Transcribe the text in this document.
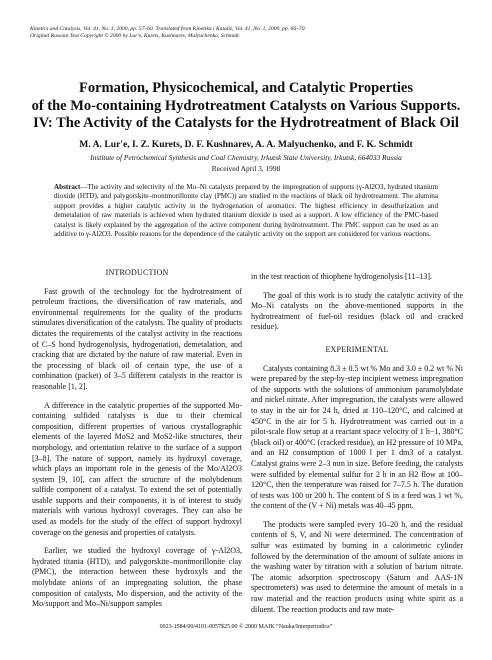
Kinetics and Catalysis, Vol. 41, No. 1, 2000, pp. 57–60. Translated from Kinetika i Kataliz, Vol. 41, No. 1, 2000, pp. 66–70.
Original Russian Text Copyright © 2000 by Lur'e, Kurets, Kushnarev, Malyuchenko, Schmidt.
Formation, Physicochemical, and Catalytic Properties
of the Mo-containing Hydrotreatment Catalysts on Various Supports.
IV: The Activity of the Catalysts for the Hydrotreatment of Black Oil
M. A. Lur'e, I. Z. Kurets, D. F. Kushnarev, A. A. Malyuchenko, and F. K. Schmidt
Institute of Petrochemical Synthesis and Coal Chemistry, Irkutsk State University, Irkutsk, 664033 Russia
Received April 3, 1998
Abstract—The activity and selectivity of the Mo–Ni catalysts prepared by the impregnation of supports (γ-Al2O3, hydrated titanium dioxide (HTD), and palygorskite–montmorillonite clay (PMC)) are studied in the reactions of black oil hydrotreatment. The alumina support provides a higher catalytic activity in the hydrogenation of aromatics. The highest efficiency in desulfurization and demetalation of raw materials is achieved when hydrated titanium dioxide is used as a support. A low efficiency of the PMC-based catalyst is likely explained by the aggregation of the active component during hydrotreatment. The PMC support can be used as an additive to γ-Al2O3. Possible reasons for the dependence of the catalytic activity on the support are considered for various reactions.
INTRODUCTION

Fast growth of the technology for the hydrotreatment of petroleum fractions, the diversification of raw materials, and environmental requirements for the quality of the products stimulates diversification of the catalysts. The quality of products dictates the requirements of the catalyst activity in the reactions of C–S bond hydrogenolysis, hydrogenation, demetalation, and cracking that are dictated by the nature of raw material. Even in the processing of black oil of certain type, the use of a combination (packet) of 3–5 different catalysts in the reactor is reasonable [1, 2].

A difference in the catalytic properties of the supported Mo-containing sulfided catalysts is due to their chemical composition, different properties of various crystallographic elements of the layered MoS2 and MoS2-like structures, their morphology, and orientation relative to the surface of a support [3–8]. The nature of support, namely its hydroxyl coverage, which plays an important role in the genesis of the Mo/Al2O3 system [9, 10], can affect the structure of the molybdenum sulfide component of a catalyst. To extend the set of potentially usable supports and their components, it is of interest to study materials with various hydroxyl coverages. They can also be used as models for the study of the effect of support hydroxyl coverage on the genesis and properties of catalysts.

Earlier, we studied the hydroxyl coverage of γ-Al2O3, hydrated titania (HTD), and palygorskite–montmorillonite clay (PMC), the interaction between these hydroxyls and the molybdate anions of an impregnating solution, the phase composition of catalysts, Mo dispersion, and the activity of the Mo/support and Mo–Ni/support samples

in the test reaction of thiophene hydrogenolysis [11–13].

The goal of this work is to study the catalytic activity of the Mo–Ni catalysts on the above-mentioned supports in the hydrotreatment of fuel-oil residues (black oil and cracked residue).

EXPERIMENTAL

Catalysts containing 8.3 ± 0.5 wt % Mo and 3.0 ± 0.2 wt % Ni were prepared by the step-by-step incipient wetness impregnation of the supports with the solutions of ammonium paramolybdate and nickel nitrate. After impregnation, the catalysts were allowed to stay in the air for 24 h, dried at 110–120°C, and calcined at 450°C in the air for 5 h. Hydrotreatment was carried out in a pilot-scale flow setup at a reactant space velocity of 1 h−1, 380°C (black oil) or 400°C (cracked residue), an H2 pressure of 10 MPa, and an H2 consumption of 1000 l per 1 dm3 of a catalyst. Catalyst grains were 2–3 mm in size. Before feeding, the catalysts were sulfided by elemental sulfur for 2 h in an H2 flow at 100–120°C, then the temperature was raised for 7–7.5 h. The duration of tests was 100 or 200 h. The content of S in a feed was 1 wt %, the content of the (V + Ni) metals was 40–45 ppm.

The products were sampled every 10–20 h, and the residual contents of S, V, and Ni were determined. The concentration of sulfur was estimated by burning in a calorimetric cylinder followed by the determination of the amount of sulfate anions in the washing water by titration with a solution of barium nitrate. The atomic adsorption spectroscopy (Saturn and AAS-1N spectrometers) was used to determine the amount of metals in a raw material and the reaction products using white spirit as a diluent. The reaction products and raw mate-

0023-1584/00/4101-0057$25.00 © 2000 MAIK “Nauka/Interperiodica”
